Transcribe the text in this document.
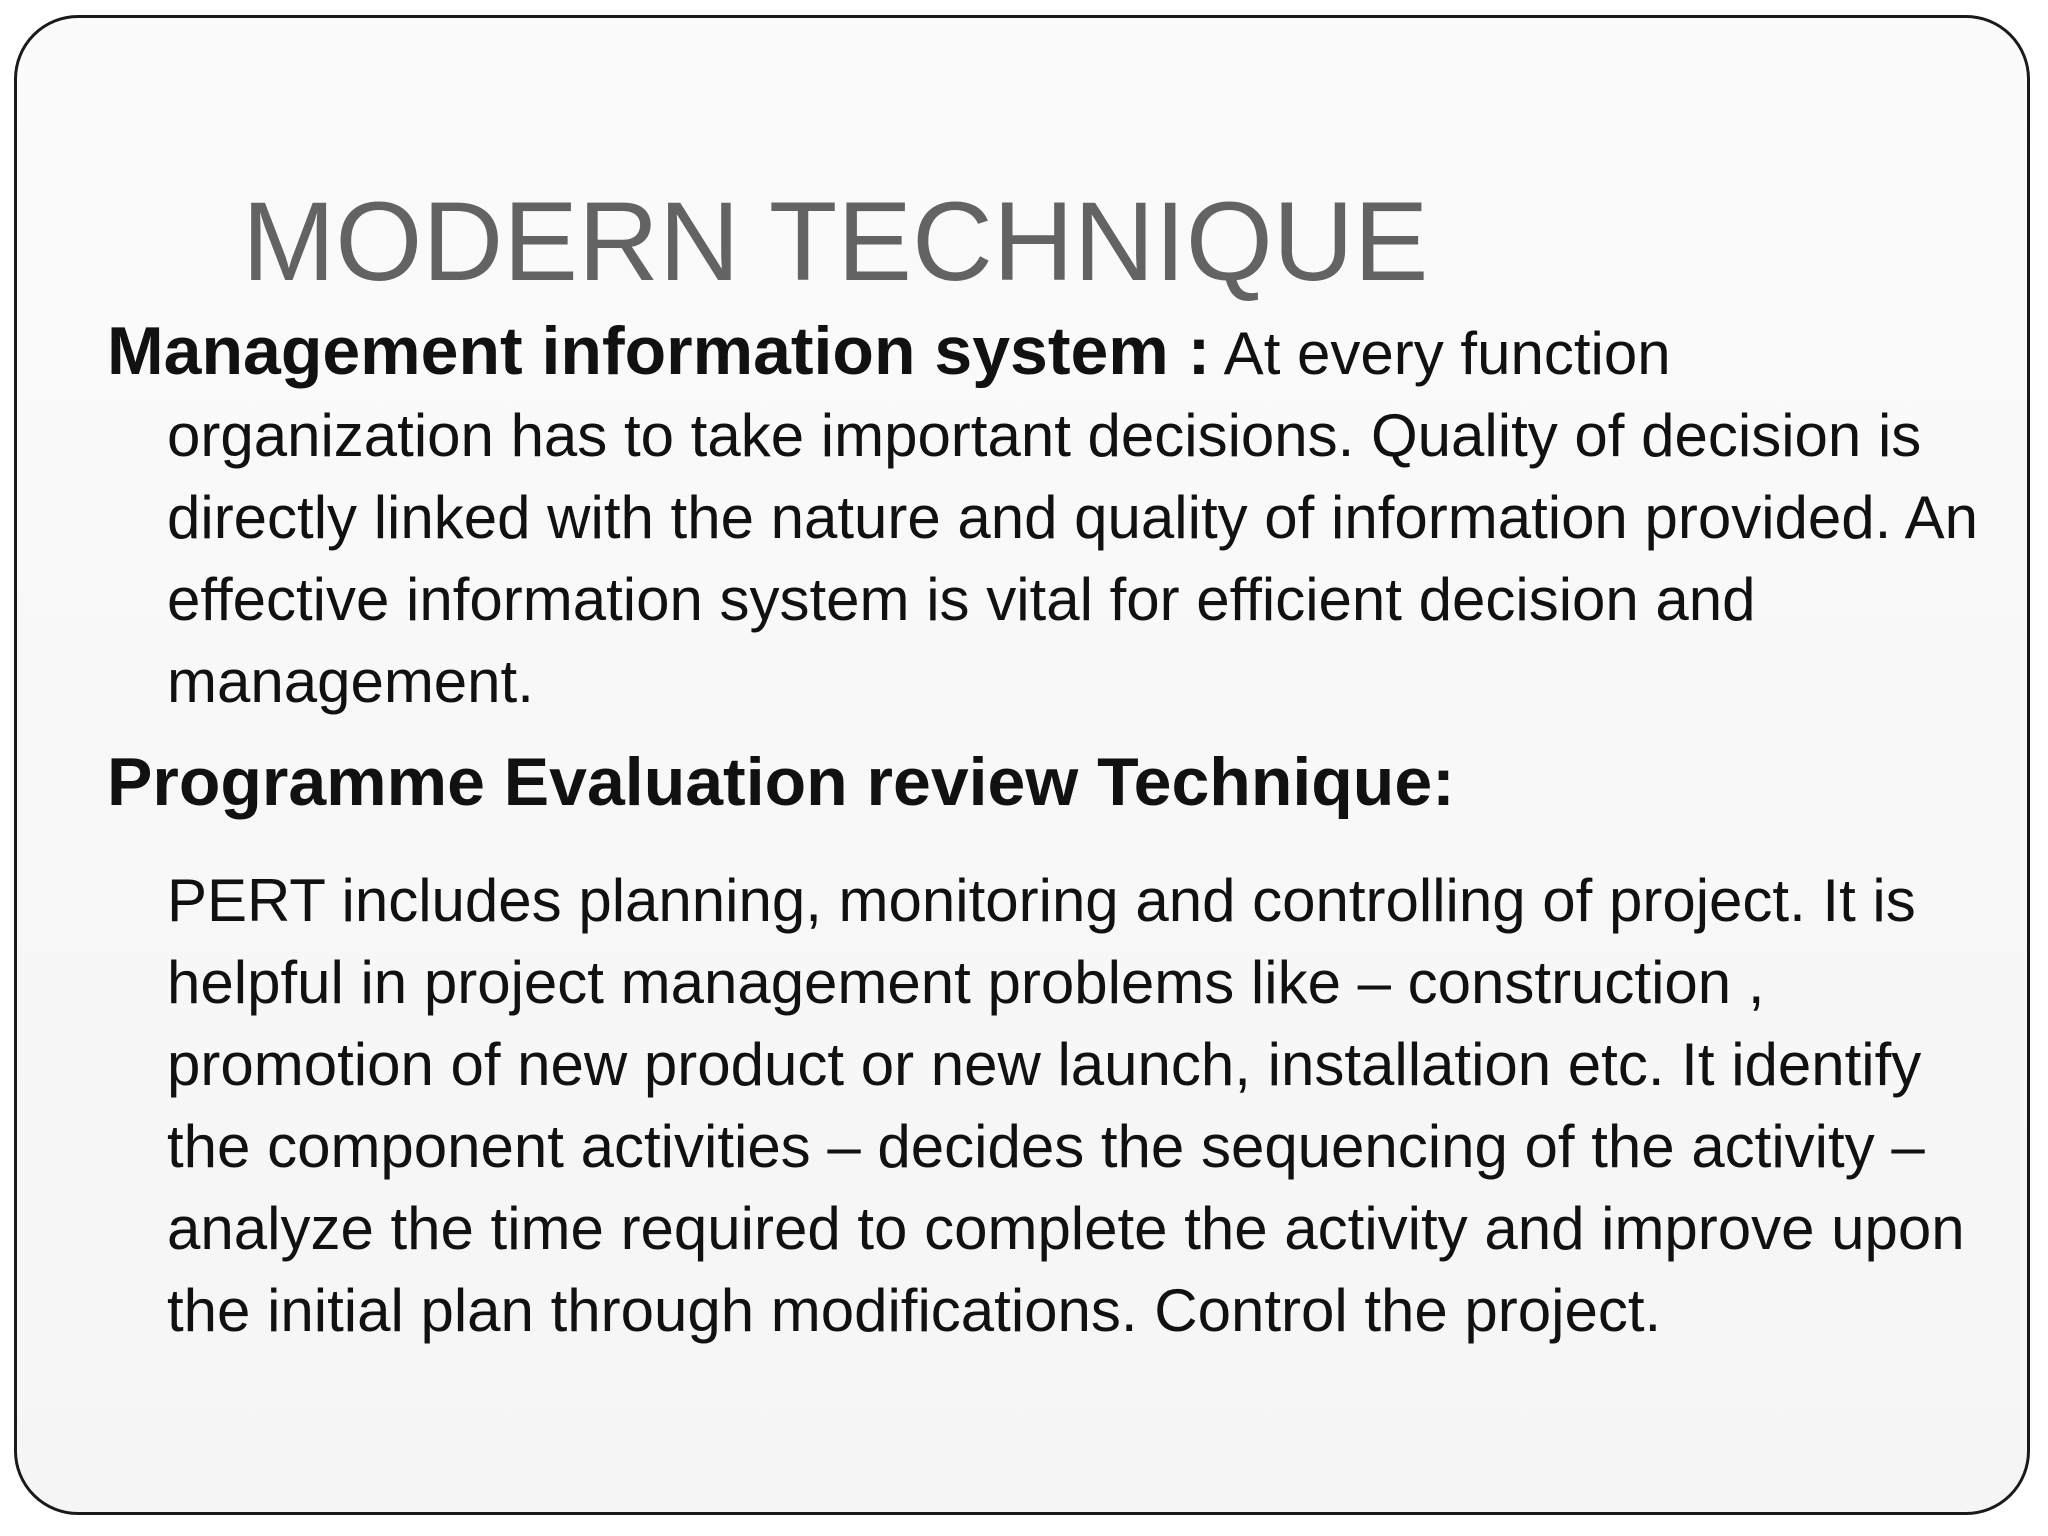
MODERN TECHNIQUE

Management information system : At every function organization has to take important decisions. Quality of decision is directly linked with the nature and quality of information provided. An effective information system is vital for efficient decision and management.

Programme Evaluation review Technique:

PERT includes planning, monitoring and controlling of project. It is helpful in project management problems like – construction , promotion of new product or new launch, installation etc. It identify the component activities – decides the sequencing of the activity – analyze the time required to complete the activity and improve upon the initial plan through modifications. Control the project.
